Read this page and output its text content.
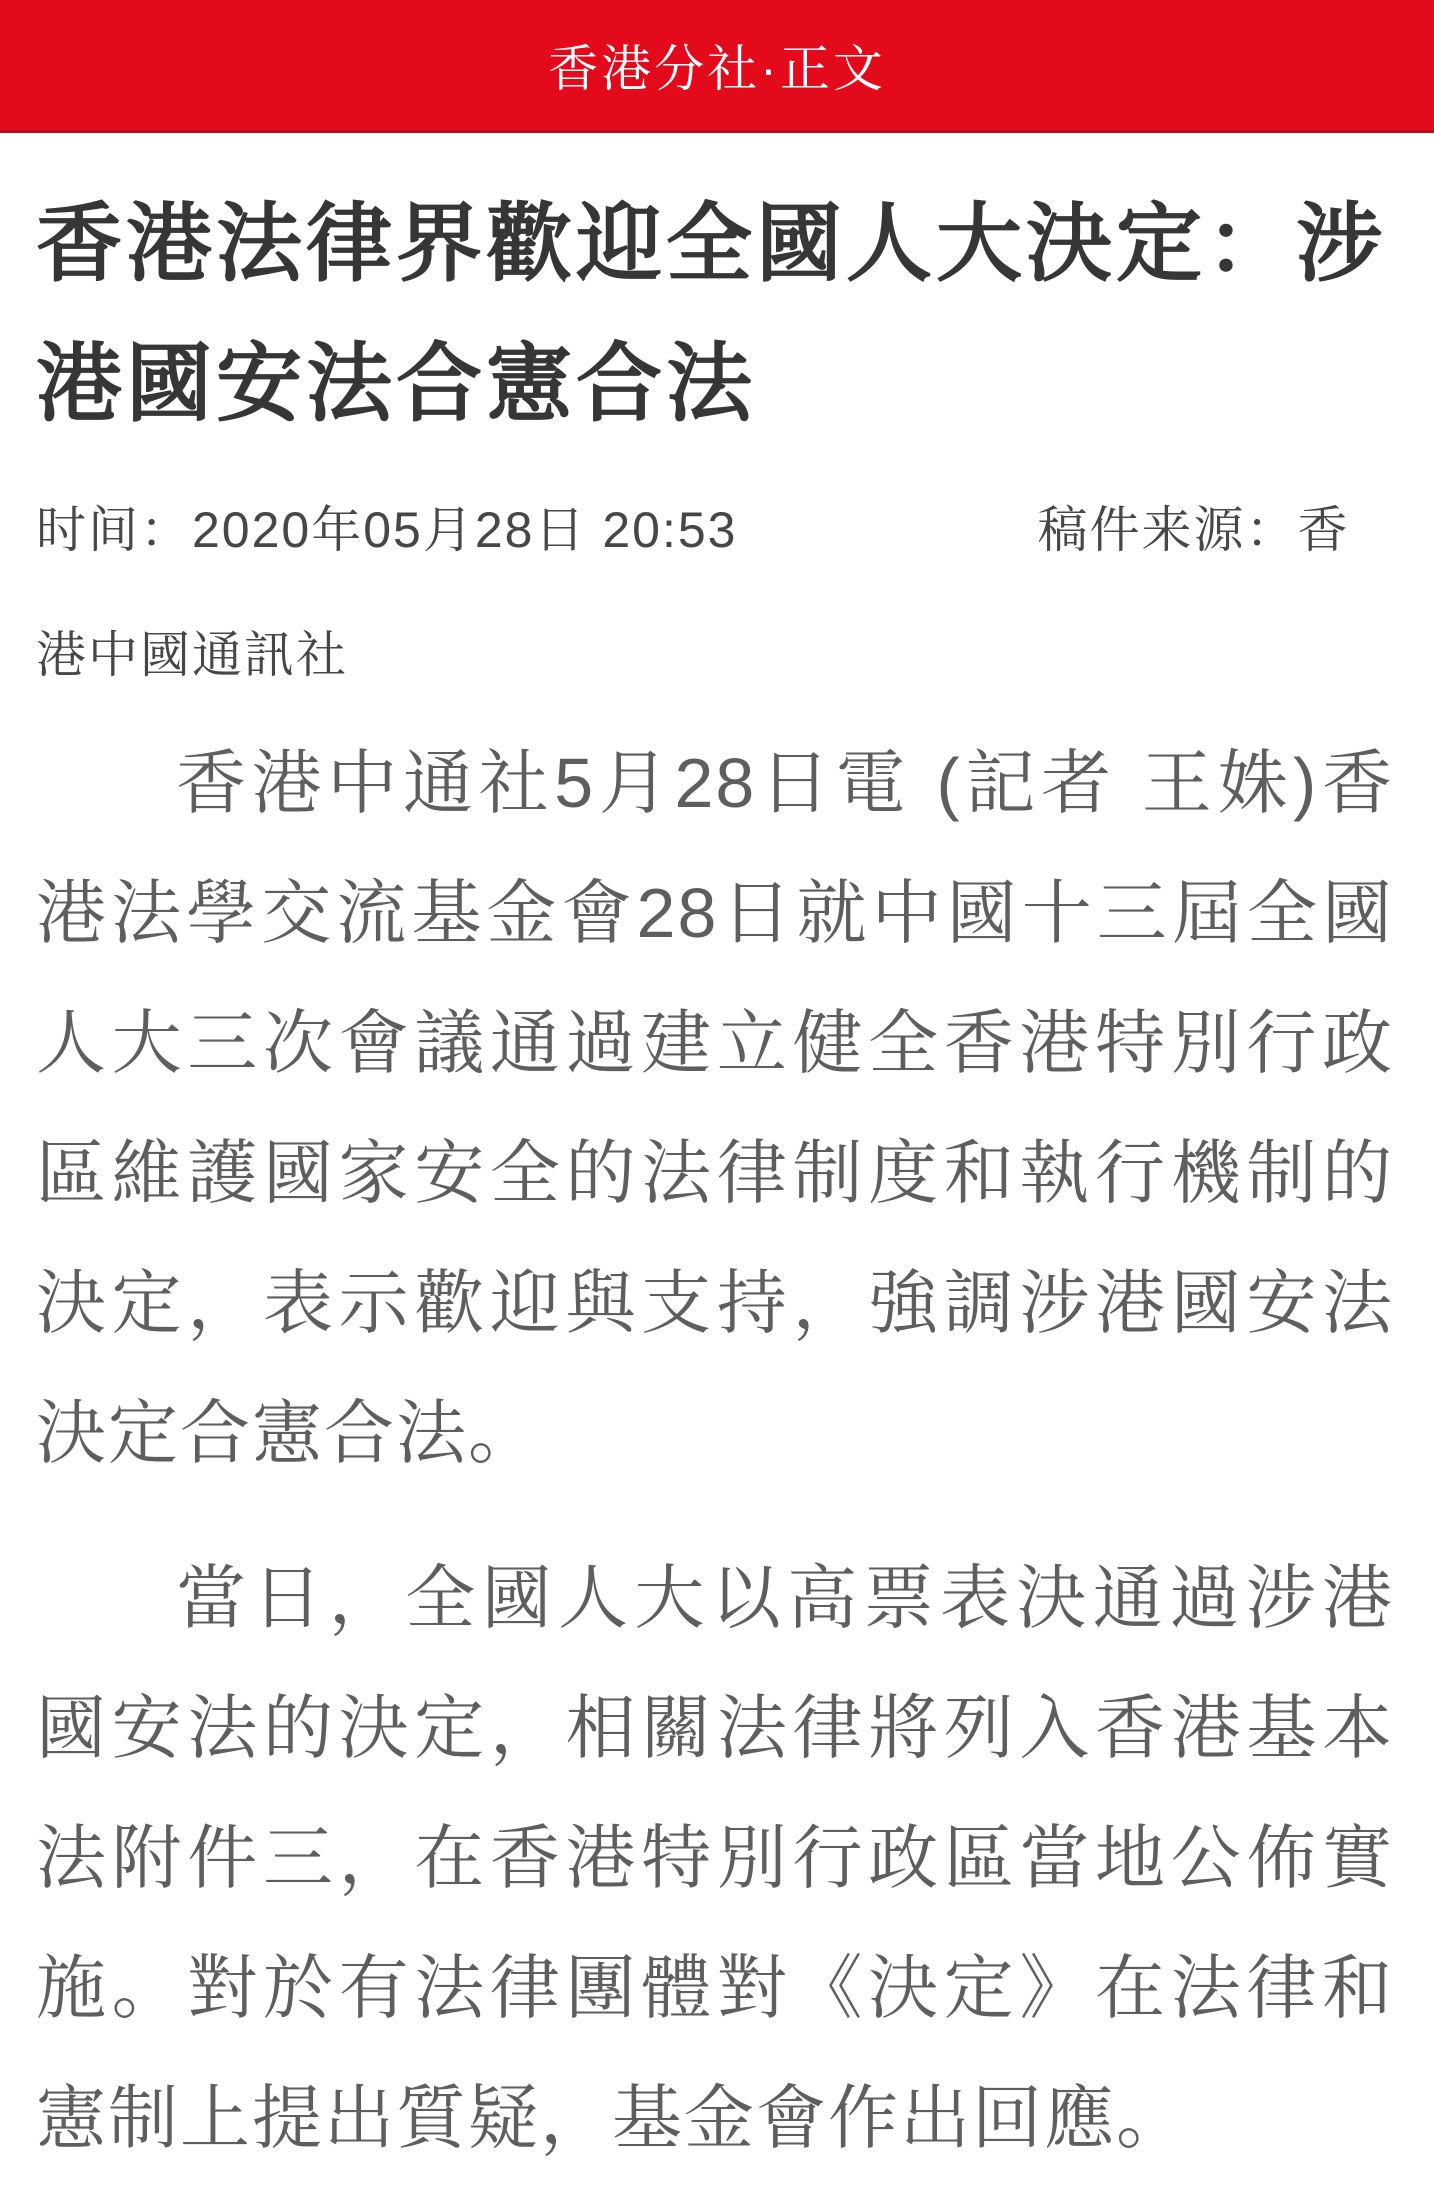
香港分社·正文
香港法律界歡迎全國人大決定：涉港國安法合憲合法

时间：2020年05月28日 20:53	稿件来源：香港中國通訊社

香港中通社5月28日電 (記者 王姝)香港法學交流基金會28日就中國十三屆全國人大三次會議通過建立健全香港特別行政區維護國家安全的法律制度和執行機制的決定，表示歡迎與支持，強調涉港國安法決定合憲合法。

當日，全國人大以高票表決通過涉港國安法的決定，相關法律將列入香港基本法附件三，在香港特別行政區當地公佈實施。對於有法律團體對《決定》在法律和憲制上提出質疑，基金會作出回應。
